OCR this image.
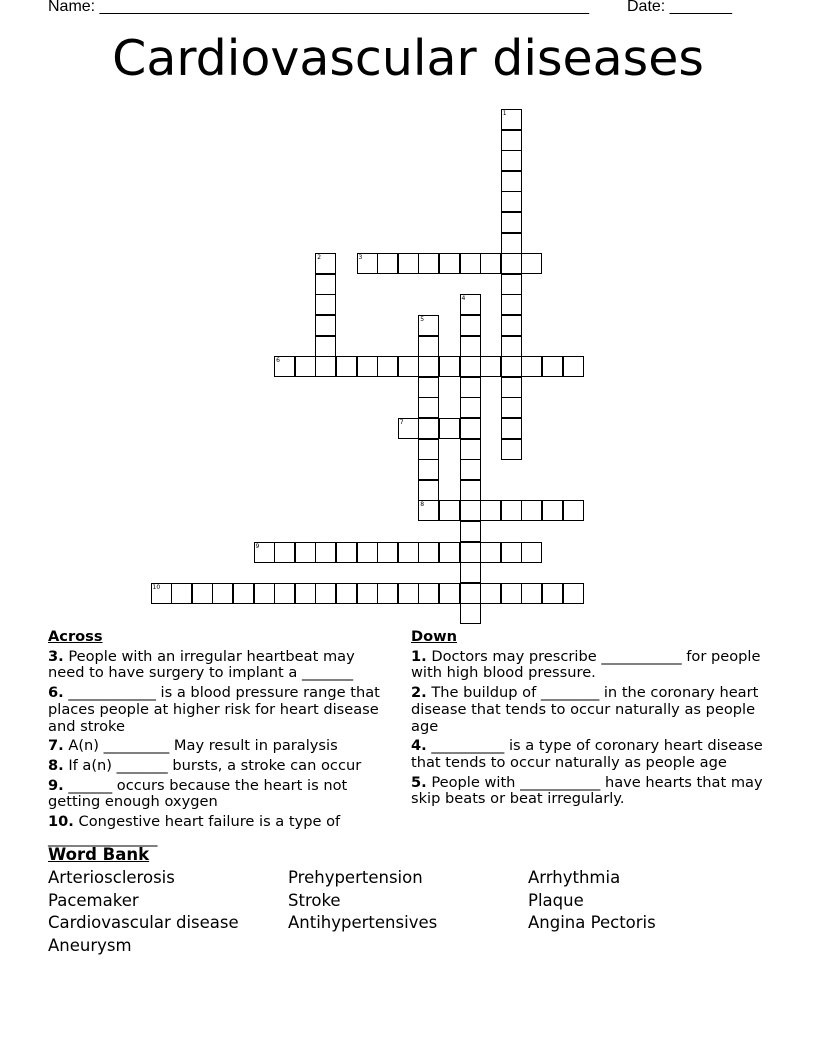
Name: _______________________________________________________ Date: _______
Cardiovascular diseases
1
2	3
4
5
8
6
7
9
10
Across
3. People with an irregular heartbeat may need to have surgery to implant a _______
6. ____________ is a blood pressure range that places people at higher risk for heart disease and stroke
7. A(n) _________ May result in paralysis
8. If a(n) _______ bursts, a stroke can occur
9. ______ occurs because the heart is not getting enough oxygen
10. Congestive heart failure is a type of _______________
Down
1. Doctors may prescribe ___________ for people with high blood pressure.
2. The buildup of ________ in the coronary heart disease that tends to occur naturally as people age
4. __________ is a type of coronary heart disease that tends to occur naturally as people age
5. People with ___________ have hearts that may skip beats or beat irregularly.
Word Bank
Arteriosclerosis	Prehypertension	Arrhythmia
Pacemaker	Stroke	Plaque
Cardiovascular disease	Antihypertensives	Angina Pectoris
Aneurysm
